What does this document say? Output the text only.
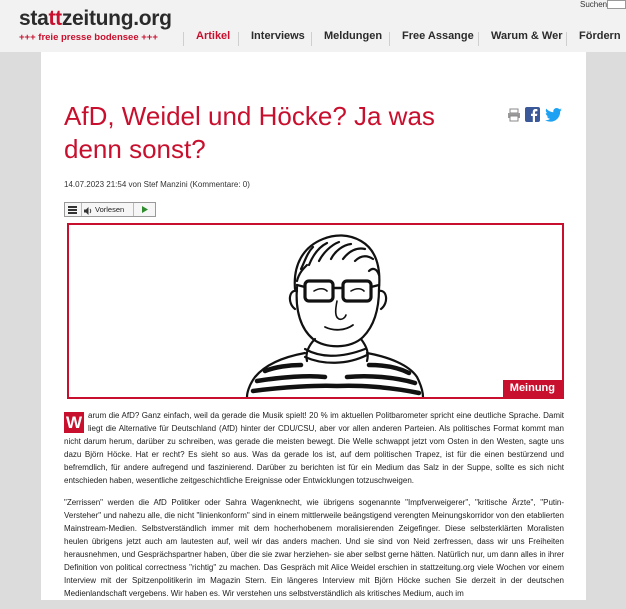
stattzeitung.org
+++ freie presse bodensee +++
Suchen
Artikel Interviews Meldungen Free Assange Warum & Wer Fördern
AfD, Weidel und Höcke? Ja was denn sonst?

14.07.2023 21:54 von Stef Manzini (Kommentare: 0)
Vorlesen
Meinung

W arum die AfD? Ganz einfach, weil da gerade die Musik spielt! 20 % im aktuellen Politbarometer spricht eine deutliche Sprache. Damit liegt die Alternative für Deutschland (AfD) hinter der CDU/CSU, aber vor allen anderen Parteien. Als politisches Format kommt man nicht darum herum, darüber zu schreiben, was gerade die meisten bewegt. Die Welle schwappt jetzt vom Osten in den Westen, sagte uns dazu Björn Höcke. Hat er recht? Es sieht so aus. Was da gerade los ist, auf dem politischen Trapez, ist für die einen bestürzend und befremdlich, für andere aufregend und faszinierend. Darüber zu berichten ist für ein Medium das Salz in der Suppe, sollte es sich nicht entschieden haben, wesentliche zeitgeschichtliche Ereignisse oder Entwicklungen totzuschweigen.

"Zerrissen" werden die AfD Politiker oder Sahra Wagenknecht, wie übrigens sogenannte "Impfverweigerer", "kritische Ärzte", "Putin-Versteher" und nahezu alle, die nicht "linienkonform" sind in einem mittlerweile beängstigend verengten Meinungskorridor von den etablierten Mainstream-Medien. Selbstverständlich immer mit dem hocherhobenem moralisierenden Zeigefinger. Diese selbsterklärten Moralisten heulen übrigens jetzt auch am lautesten auf, weil wir das anders machen. Und sie sind von Neid zerfressen, dass wir uns Freiheiten herausnehmen, und Gesprächspartner haben, über die sie zwar herziehen- sie aber selbst gerne hätten. Natürlich nur, um dann alles in ihrer Definition von political correctness "richtig" zu machen. Das Gespräch mit Alice Weidel erschien in stattzeitung.org viele Wochen vor einem Interview mit der Spitzenpolitikerin im Magazin Stern. Ein längeres Interview mit Björn Höcke suchen Sie derzeit in der deutschen Medienlandschaft vergebens. Wir haben es. Wir verstehen uns selbstverständlich als kritisches Medium, auch im
